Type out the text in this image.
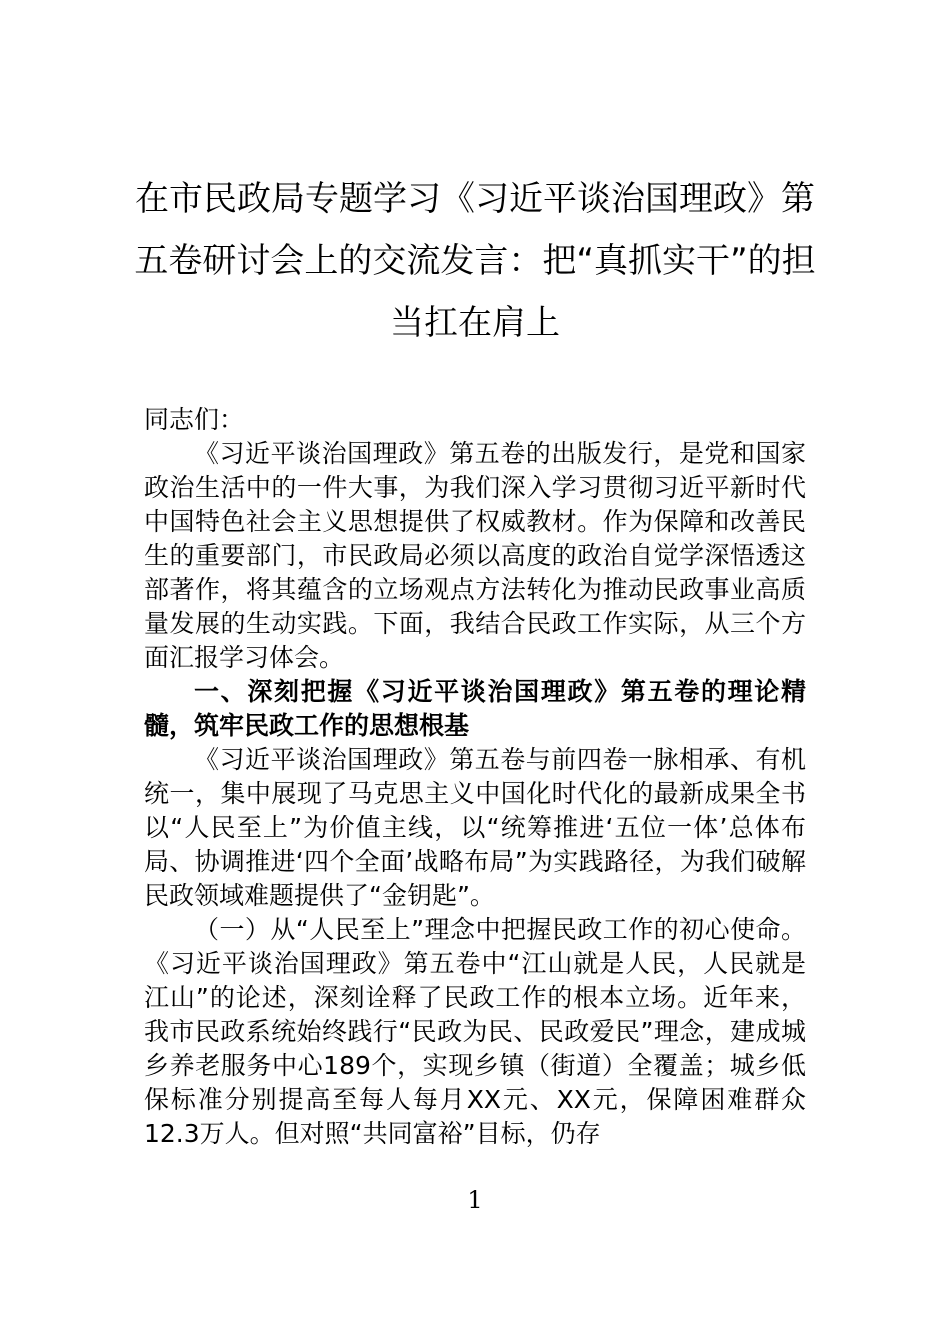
在市民政局专题学习《习近平谈治国理政》第五卷研讨会上的交流发言：把“真抓实干”的担当扛在肩上

同志们：

《习近平谈治国理政》第五卷的出版发行，是党和国家政治生活中的一件大事，为我们深入学习贯彻习近平新时代中国特色社会主义思想提供了权威教材。作为保障和改善民生的重要部门，市民政局必须以高度的政治自觉学深悟透这部著作，将其蕴含的立场观点方法转化为推动民政事业高质量发展的生动实践。下面，我结合民政工作实际，从三个方面汇报学习体会。

一、深刻把握《习近平谈治国理政》第五卷的理论精髓，筑牢民政工作的思想根基

《习近平谈治国理政》第五卷与前四卷一脉相承、有机统一，集中展现了马克思主义中国化时代化的最新成果全书以“人民至上”为价值主线，以“统筹推进‘五位一体’总体布局、协调推进‘四个全面’战略布局”为实践路径，为我们破解民政领域难题提供了“金钥匙”。

（一）从“人民至上”理念中把握民政工作的初心使命。《习近平谈治国理政》第五卷中“江山就是人民，人民就是江山”的论述，深刻诠释了民政工作的根本立场。近年来，我市民政系统始终践行“民政为民、民政爱民”理念，建成城乡养老服务中心189个，实现乡镇（街道）全覆盖；城乡低保标准分别提高至每人每月XX元、XX元，保障困难群众12.3万人。但对照“共同富裕”目标，仍存

1
